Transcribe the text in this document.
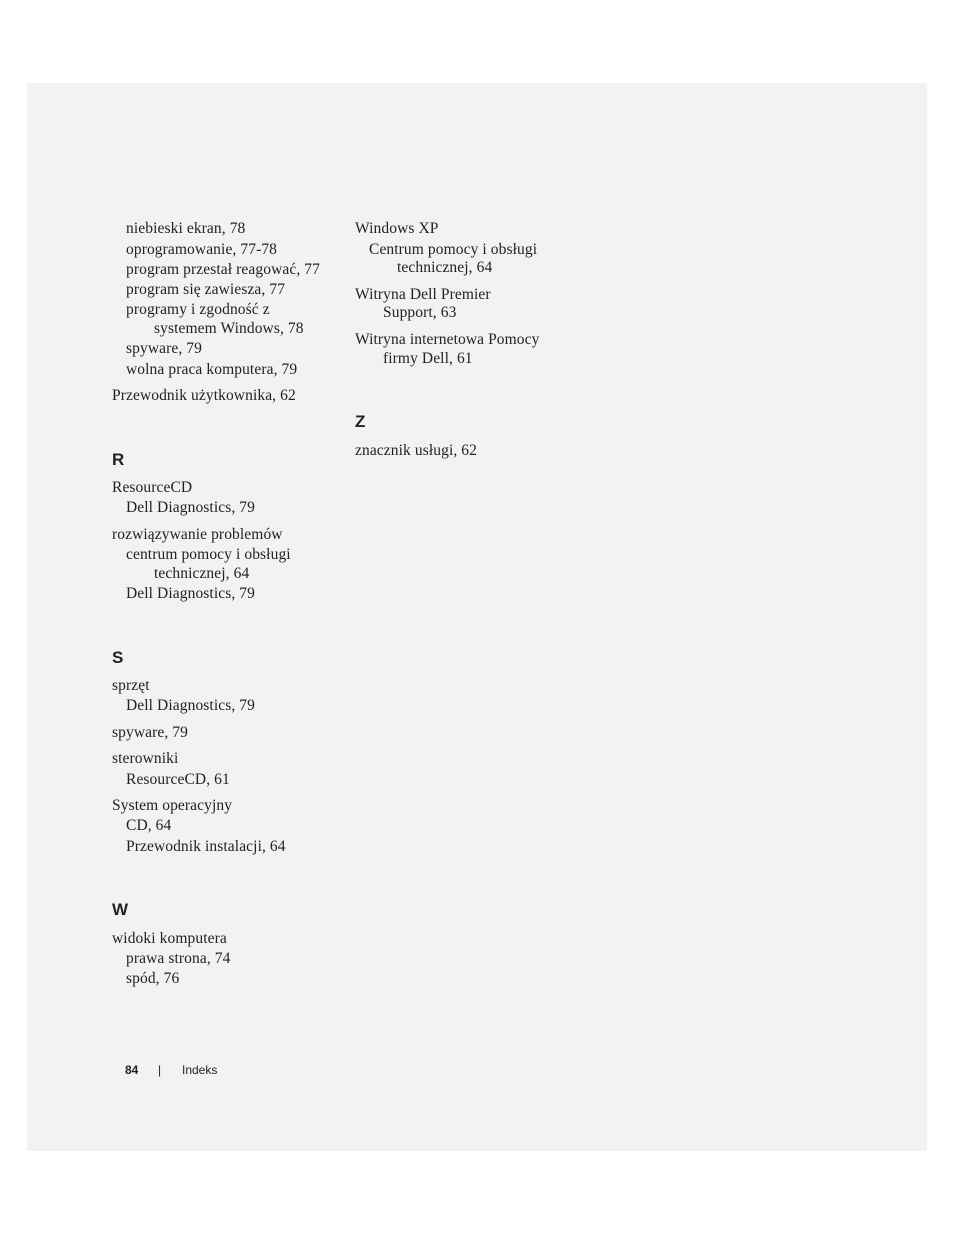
niebieski ekran, 78
oprogramowanie, 77-78
program przestał reagować, 77
program się zawiesza, 77
programy i zgodność z
systemem Windows, 78
spyware, 79
wolna praca komputera, 79
Przewodnik użytkownika, 62
R
ResourceCD
Dell Diagnostics, 79
rozwiązywanie problemów
centrum pomocy i obsługi
technicznej, 64
Dell Diagnostics, 79
S
sprzęt
Dell Diagnostics, 79
spyware, 79
sterowniki
ResourceCD, 61
System operacyjny
CD, 64
Przewodnik instalacji, 64
W
widoki komputera
prawa strona, 74
spód, 76
Windows XP
Centrum pomocy i obsługi
technicznej, 64
Witryna Dell Premier
Support, 63
Witryna internetowa Pomocy
firmy Dell, 61
Z
znacznik usługi, 62
84 | Indeks
